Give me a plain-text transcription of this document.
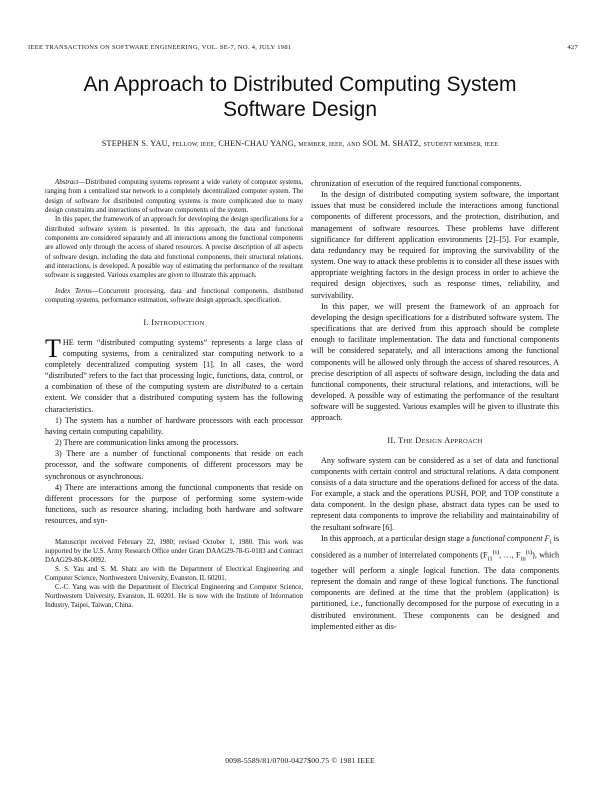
IEEE TRANSACTIONS ON SOFTWARE ENGINEERING, VOL. SE-7, NO. 4, JULY 1981	427
An Approach to Distributed Computing System
Software Design
STEPHEN S. YAU, FELLOW, IEEE, CHEN-CHAU YANG, MEMBER, IEEE, AND SOL M. SHATZ, STUDENT MEMBER, IEEE

Abstract—Distributed computing systems represent a wide variety of computer systems, ranging from a centralized star network to a completely decentralized computer system. The design of software for distributed computing systems is more complicated due to many design constraints and interactions of software components of the system.

In this paper, the framework of an approach for developing the design specifications for a distributed software system is presented. In this approach, the data and functional components are considered separately and all interactions among the functional components are allowed only through the access of shared resources. A precise description of all aspects of software design, including the data and functional components, their structural relations, and interactions, is developed. A possible way of estimating the performance of the resultant software is suggested. Various examples are given to illustrate this approach.

Index Terms—Concurrent processing, data and functional components, distributed computing systems, performance estimation, software design approach, specification.
I. INTRODUCTION

THE term “distributed computing systems” represents a large class of computing systems, from a centralized star computing network to a completely decentralized computing system [1]. In all cases, the word “distributed” refers to the fact that processing logic, functions, data, control, or a combination of these of the computing system are distributed to a certain extent. We consider that a distributed computing system has the following characteristics.

1) The system has a number of hardware processors with each processor having certain computing capability.

2) There are communication links among the processors.

3) There are a number of functional components that reside on each processor, and the software components of different processors may be synchronous or asynchronous.

4) There are interactions among the functional components that reside on different processors for the purpose of performing some system-wide functions, such as resource sharing, including both hardware and software resources, and syn-

Manuscript received February 22, 1980; revised October 1, 1980. This work was supported by the U.S. Army Research Office under Grant DAAG29-78-G-0183 and Contract DAAG29-80-K-0092.

S. S. Yau and S. M. Shatz are with the Department of Electrical Engineering and Computer Science, Northwestern University, Evanston, IL 60201.

C.-C. Yang was with the Department of Electrical Engineering and Computer Science, Northwestern University, Evanston, IL 60201. He is now with the Institute of Information Industry, Taipei, Taiwan, China.

chronization of execution of the required functional components.

In the design of distributed computing system software, the important issues that must be considered include the interactions among functional components of different processors, and the protection, distribution, and management of software resources. These problems have different significance for different application environments [2]–[5]. For example, data redundancy may be required for improving the survivability of the system. One way to attack these problems is to consider all these issues with appropriate weighting factors in the design process in order to achieve the required design objectives, such as response times, reliability, and survivability.

In this paper, we will present the framework of an approach for developing the design specifications for a distributed software system. The specifications that are derived from this approach should be complete enough to facilitate implementation. The data and functional components will be considered separately, and all interactions among the functional components will be allowed only through the access of shared resources. A precise description of all aspects of software design, including the data and functional components, their structural relations, and interactions, will be developed. A possible way of estimating the performance of the resultant software will be suggested. Various examples will be given to illustrate this approach.

II. THE DESIGN APPROACH

Any software system can be considered as a set of data and functional components with certain control and structural relations. A data component consists of a data structure and the operations defined for access of the data. For example, a stack and the operations PUSH, POP, and TOP constitute a data component. In the design phase, abstract data types can be used to represent data components to improve the reliability and maintainability of the resultant software [6].

In this approach, at a particular design stage a functional component $F_i$ is considered as a number of interrelated components ($F_{i1}^{(i)}$, …, $F_{in}^{(i)}$), which together will perform a single logical function. The data components represent the domain and range of these logical functions. The functional components are defined at the time that the problem (application) is partitioned, i.e., functionally decomposed for the purpose of executing in a distributed environment. These components can be designed and implemented either as dis-

0098-5589/81/0700-0427$00.75 © 1981 IEEE
